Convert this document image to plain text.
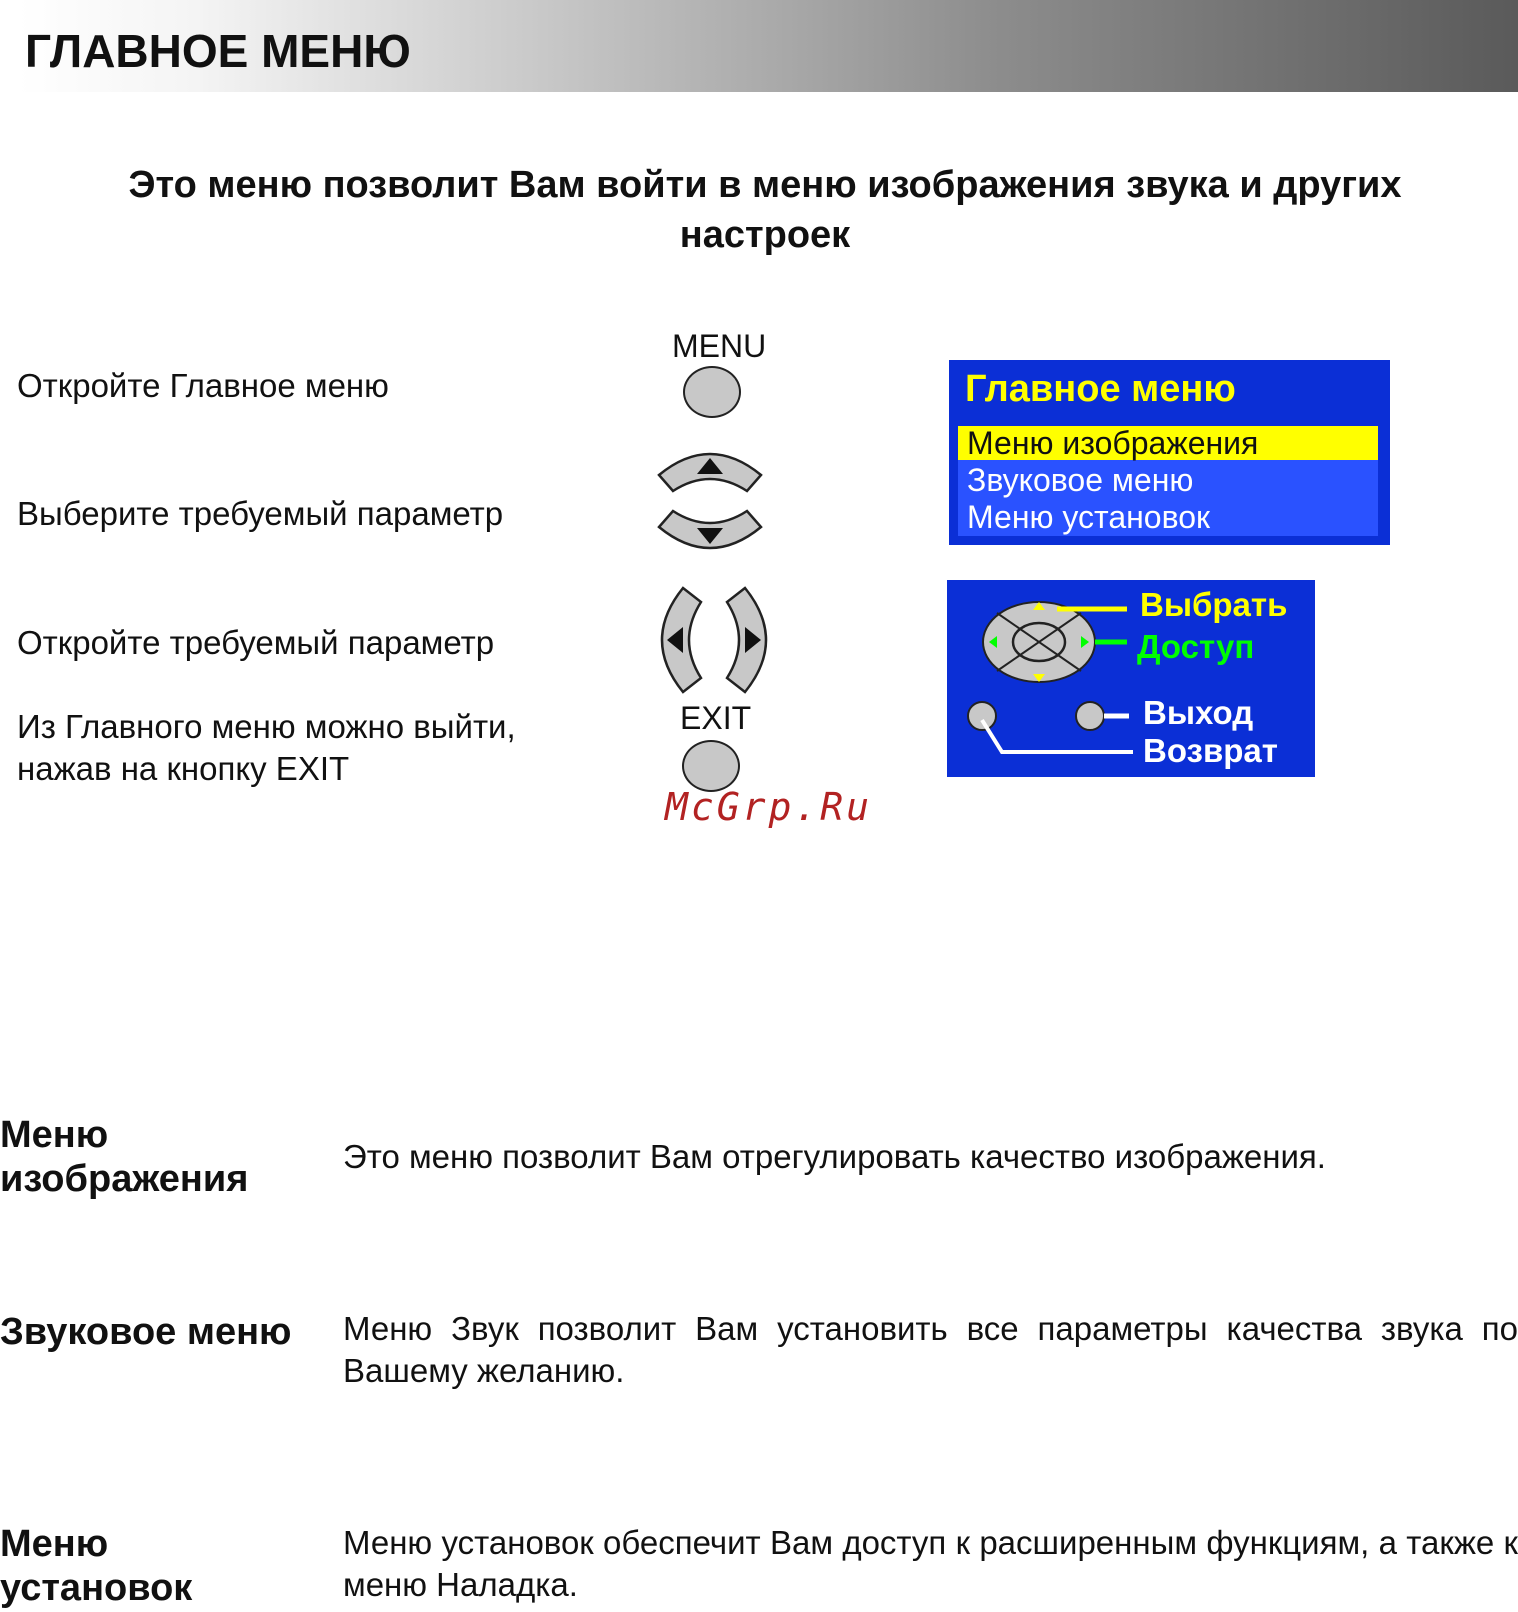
ГЛАВНОЕ МЕНЮ
Это меню позволит Вам войти в меню изображения звука и других настроек
Откройте Главное меню
Выберите требуемый параметр
Откройте требуемый параметр
Из Главного меню можно выйти, нажав на кнопку EXIT
MENU
EXIT
Главное меню
Меню изображения
Звуковое меню
Меню установок
Выбрать
Доступ
Выход
Возврат
McGrp.Ru
Меню изображения
Это меню позволит Вам отрегулировать качество изображения.
Звуковое меню	Меню Звук позволит Вам установить все параметры качества звука по Вашему желанию.
Меню установок
Меню установок обеспечит Вам доступ к расширенным функциям, а также к меню Наладка.
